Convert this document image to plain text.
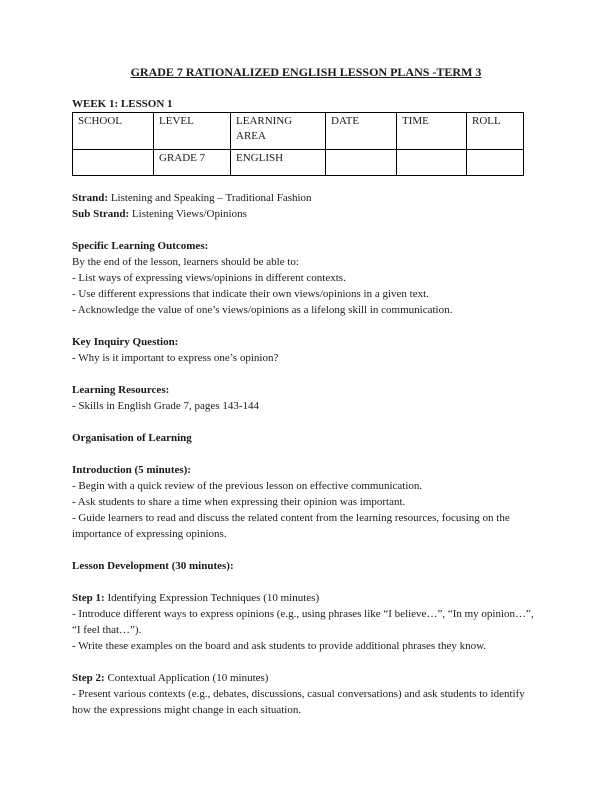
GRADE 7 RATIONALIZED ENGLISH LESSON PLANS -TERM 3

WEEK 1: LESSON 1

SCHOOL	LEVEL	LEARNING AREA	DATE	TIME	ROLL
	GRADE 7	ENGLISH			

Strand: Listening and Speaking – Traditional Fashion

Sub Strand: Listening Views/Opinions

Specific Learning Outcomes:

By the end of the lesson, learners should be able to:

- List ways of expressing views/opinions in different contexts.

- Use different expressions that indicate their own views/opinions in a given text.

- Acknowledge the value of one’s views/opinions as a lifelong skill in communication.

Key Inquiry Question:

- Why is it important to express one’s opinion?

Learning Resources:

- Skills in English Grade 7, pages 143-144

Organisation of Learning

Introduction (5 minutes):

- Begin with a quick review of the previous lesson on effective communication.

- Ask students to share a time when expressing their opinion was important.

- Guide learners to read and discuss the related content from the learning resources, focusing on the importance of expressing opinions.

Lesson Development (30 minutes):

Step 1: Identifying Expression Techniques (10 minutes)

- Introduce different ways to express opinions (e.g., using phrases like “I believe…”, “In my opinion…”, “I feel that…”).

- Write these examples on the board and ask students to provide additional phrases they know.

Step 2: Contextual Application (10 minutes)

- Present various contexts (e.g., debates, discussions, casual conversations) and ask students to identify how the expressions might change in each situation.
